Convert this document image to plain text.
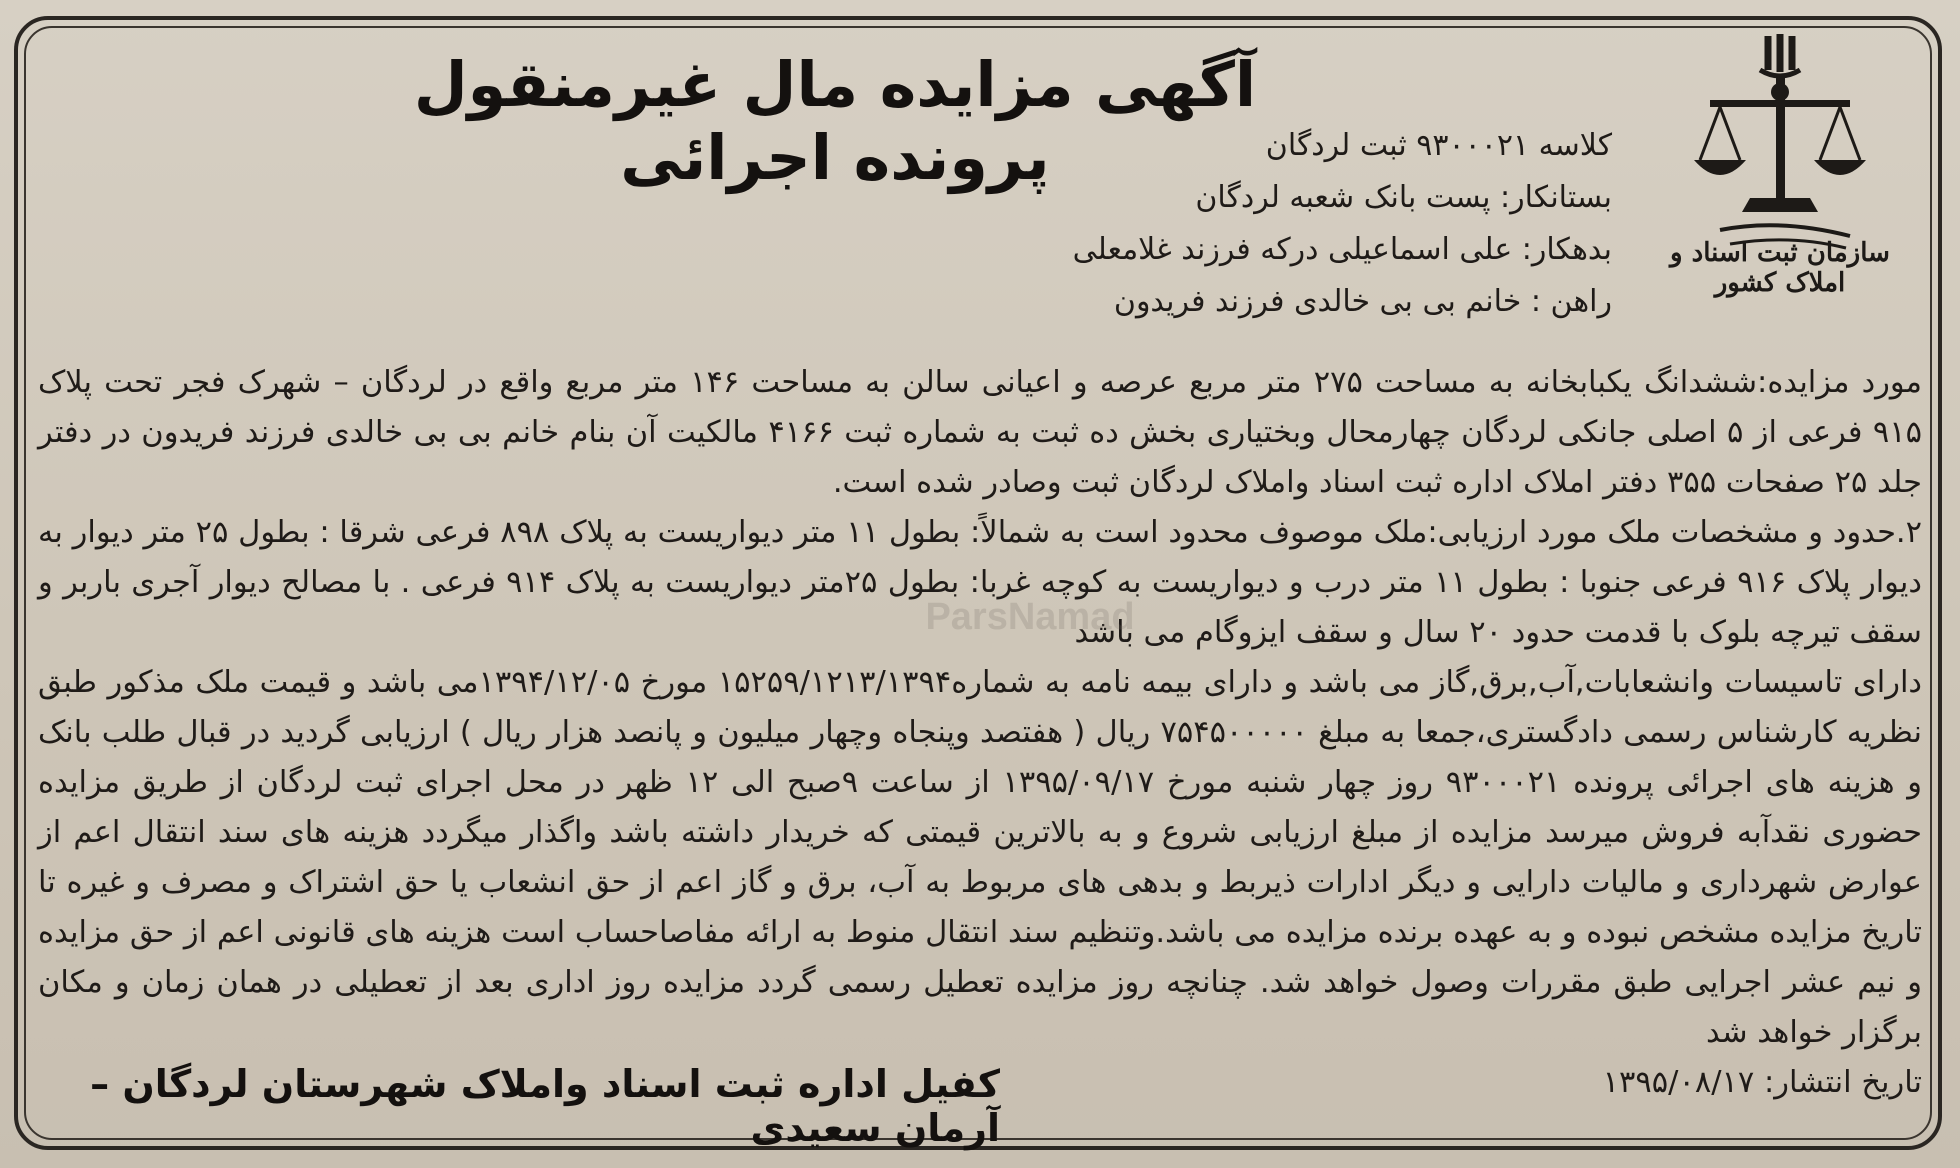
سازمان ثبت اسناد و املاک کشور
آگهی مزایده مال غیرمنقول پرونده اجرائی	کلاسه ۹۳۰۰۰۲۱ ثبت لردگان
بستانکار: پست بانک شعبه لردگان
بدهکار: علی اسماعیلی درکه فرزند غلامعلی
راهن : خانم بی بی خالدی فرزند فریدون

مورد مزایده:ششدانگ یکبابخانه به مساحت ۲۷۵ متر مربع عرصه و اعیانی سالن به مساحت ۱۴۶ متر مربع واقع در لردگان – شهرک فجر تحت پلاک ۹۱۵ فرعی از ۵ اصلی جانکی لردگان چهارمحال وبختیاری بخش ده ثبت به شماره ثبت ۴۱۶۶ مالکیت آن بنام خانم بی بی خالدی فرزند فریدون در دفتر جلد ۲۵ صفحات ۳۵۵ دفتر املاک اداره ثبت اسناد واملاک لردگان ثبت وصادر شده است.

۲.حدود و مشخصات ملک مورد ارزیابی:ملک موصوف محدود است به شمالاً: بطول ۱۱ متر دیواریست به پلاک ۸۹۸ فرعی شرقا : بطول ۲۵ متر دیوار به دیوار پلاک ۹۱۶ فرعی جنوبا : بطول ۱۱ متر درب و دیواریست به کوچه غربا: بطول ۲۵متر دیواریست به پلاک ۹۱۴ فرعی . با مصالح دیوار آجری باربر و سقف تیرچه بلوک با قدمت حدود ۲۰ سال و سقف ایزوگام می باشد

دارای تاسیسات وانشعابات,آب,برق,گاز می باشد و دارای بیمه نامه به شماره۱۵۲۵۹/۱۲۱۳/۱۳۹۴ مورخ ۱۳۹۴/۱۲/۰۵می باشد و قیمت ملک مذکور طبق نظریه کارشناس رسمی دادگستری،جمعا به مبلغ ۷۵۴۵۰۰۰۰۰ ریال ( هفتصد وپنجاه وچهار میلیون و پانصد هزار ریال ) ارزیابی گردید در قبال طلب بانک و هزینه های اجرائی پرونده ۹۳۰۰۰۲۱ روز چهار شنبه مورخ ۱۳۹۵/۰۹/۱۷ از ساعت ۹صبح الی ۱۲ ظهر در محل اجرای ثبت لردگان از طریق مزایده حضوری نقدآبه فروش میرسد مزایده از مبلغ ارزیابی شروع و به بالاترین قیمتی که خریدار داشته باشد واگذار میگردد هزینه های سند انتقال اعم از عوارض شهرداری و مالیات دارایی و دیگر ادارات ذیربط و بدهی های مربوط به آب، برق و گاز اعم از حق انشعاب یا حق اشتراک و مصرف و غیره تا تاریخ مزایده مشخص نبوده و به عهده برنده مزایده می باشد.وتنظیم سند انتقال منوط به ارائه مفاصاحساب است هزینه های قانونی اعم از حق مزایده و نیم عشر اجرایی طبق مقررات وصول خواهد شد. چنانچه روز مزایده تعطیل رسمی گردد مزایده روز اداری بعد از تعطیلی در همان زمان و مکان برگزار خواهد شد

تاریخ انتشار: ۱۳۹۵/۰۸/۱۷

ParsNamad
کفیل اداره ثبت اسناد واملاک شهرستان لردگان – آرمان سعیدی
